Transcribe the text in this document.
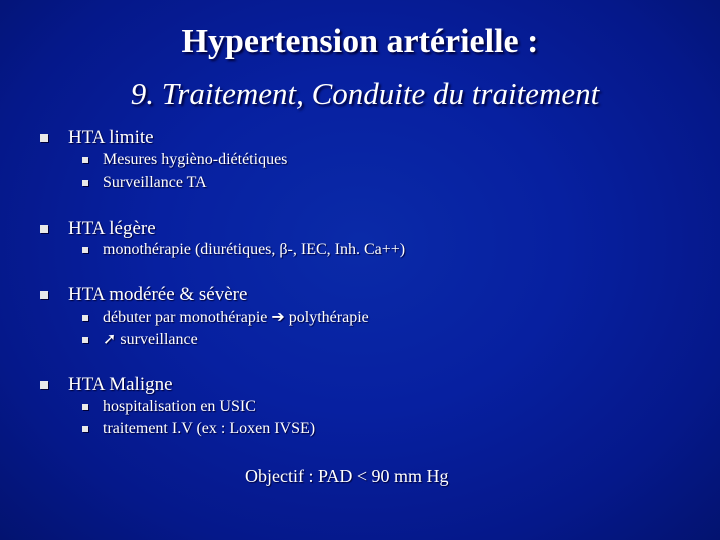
Hypertension artérielle :
9. Traitement, Conduite du traitement
HTA limite
Mesures hygièno-diététiques
Surveillance TA
HTA légère
monothérapie (diurétiques, β-, IEC, Inh. Ca++)
HTA modérée & sévère
débuter par monothérapie ➔ polythérapie
➚ surveillance
HTA Maligne
hospitalisation en USIC
traitement I.V (ex : Loxen IVSE)
Objectif : PAD < 90 mm Hg
